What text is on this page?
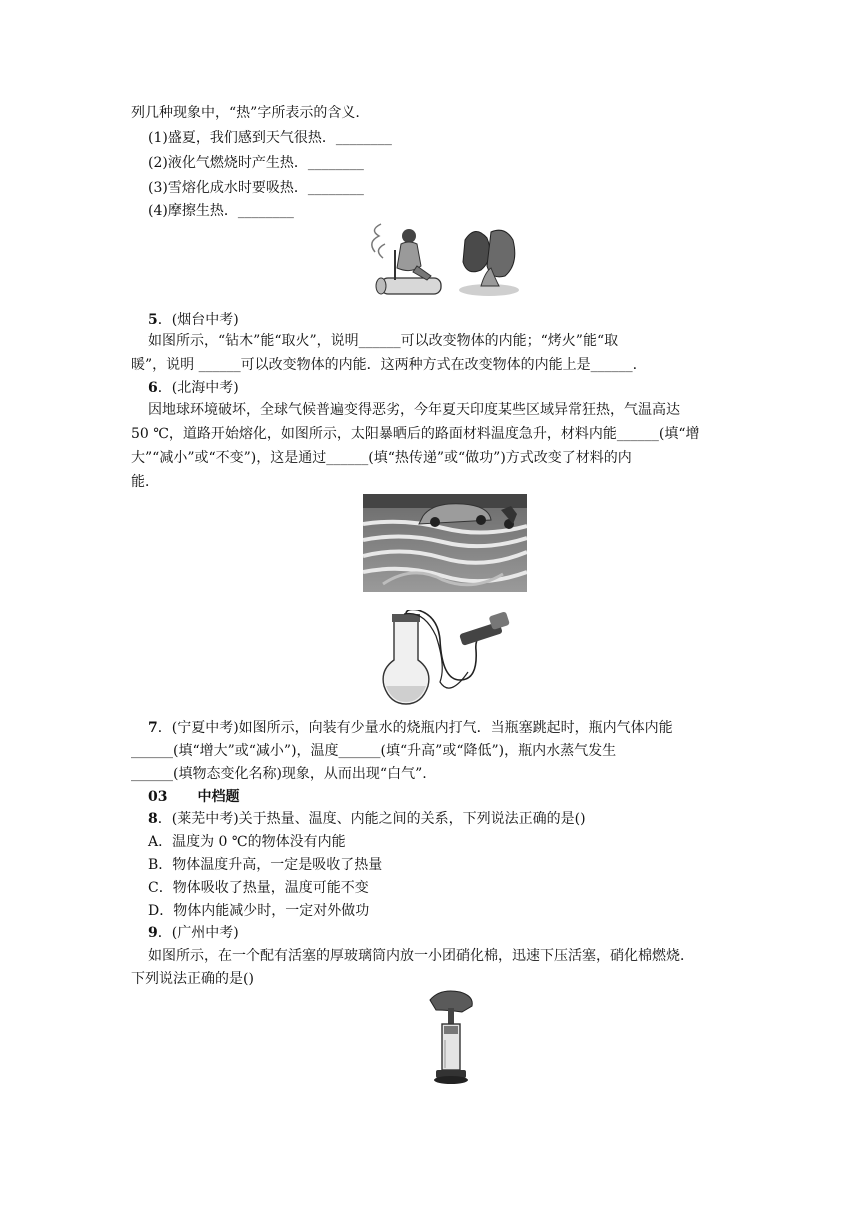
列几种现象中，“热”字所表示的含义.
(1)盛夏，我们感到天气很热．________
(2)液化气燃烧时产生热．________
(3)雪熔化成水时要吸热．________
(4)摩擦生热．________
5．(烟台中考)
如图所示，“钻木”能“取火”，说明______可以改变物体的内能；“烤火”能“取
暖”，说明 ______可以改变物体的内能．这两种方式在改变物体的内能上是______.
6．(北海中考)
因地球环境破坏，全球气候普遍变得恶劣，今年夏天印度某些区域异常狂热，气温高达
50 ℃，道路开始熔化，如图所示，太阳暴晒后的路面材料温度急升，材料内能______(填“增
大”“减小”或“不变”)，这是通过______(填“热传递”或“做功”)方式改变了材料的内
能．
7．(宁夏中考)如图所示，向装有少量水的烧瓶内打气．当瓶塞跳起时，瓶内气体内能
______(填“增大”或“减小”)，温度______(填“升高”或“降低”)，瓶内水蒸气发生
______(填物态变化名称)现象，从而出现“白气”.
03 中档题
8．(莱芜中考)关于热量、温度、内能之间的关系，下列说法正确的是()
A．温度为 0 ℃的物体没有内能
B．物体温度升高，一定是吸收了热量
C．物体吸收了热量，温度可能不变
D．物体内能减少时，一定对外做功
9．(广州中考)
如图所示，在一个配有活塞的厚玻璃筒内放一小团硝化棉，迅速下压活塞，硝化棉燃烧．
下列说法正确的是()
